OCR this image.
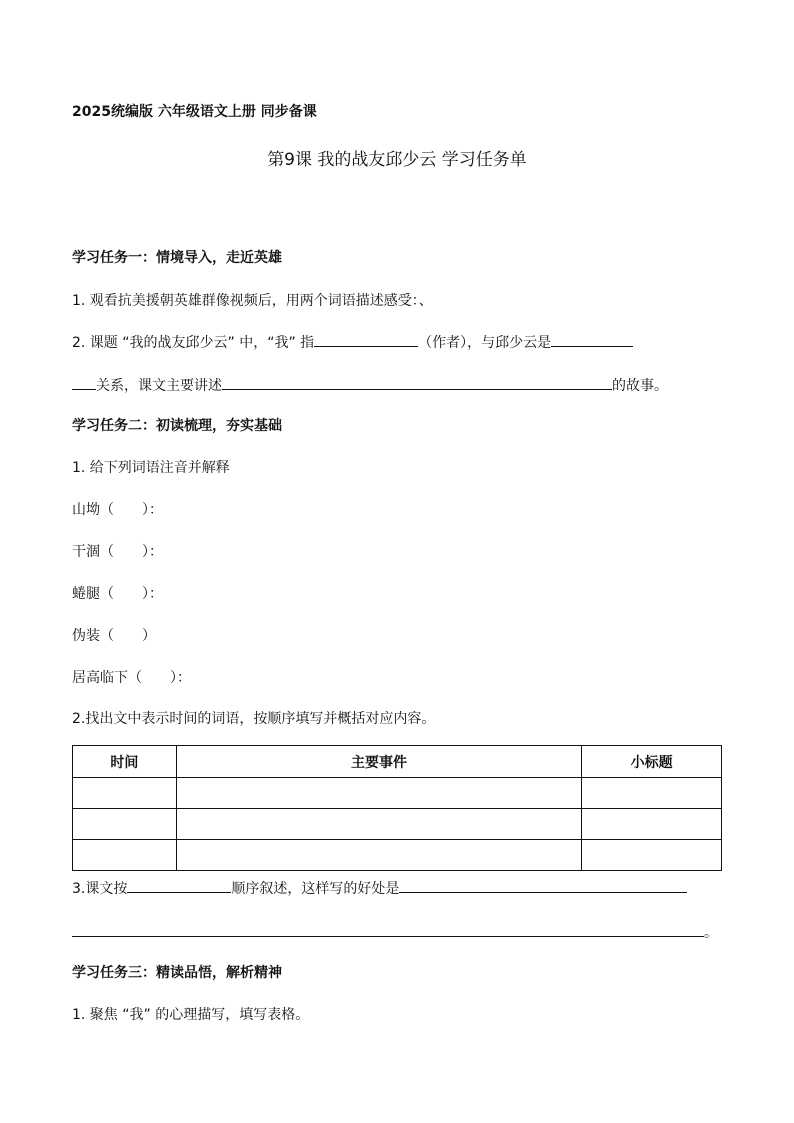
2025统编版 六年级语文上册 同步备课
第9课 我的战友邱少云 学习任务单
学习任务一：情境导入，走近英雄
1. 观看抗美援朝英雄群像视频后，用两个词语描述感受：、
2. 课题 “我的战友邱少云” 中，“我” 指	（作者），与邱少云是
关系，课文主要讲述	的故事。
学习任务二：初读梳理，夯实基础
1. 给下列词语注音并解释
山坳（　　）：
干涸（　　）：
蜷腿（　　）：
伪装（　　）
居高临下（　　）：
2.找出文中表示时间的词语，按顺序填写并概括对应内容。
时间	主要事件	小标题

3.课文按	顺序叙述，这样写的好处是
。
学习任务三：精读品悟，解析精神
1. 聚焦 “我” 的心理描写，填写表格。
